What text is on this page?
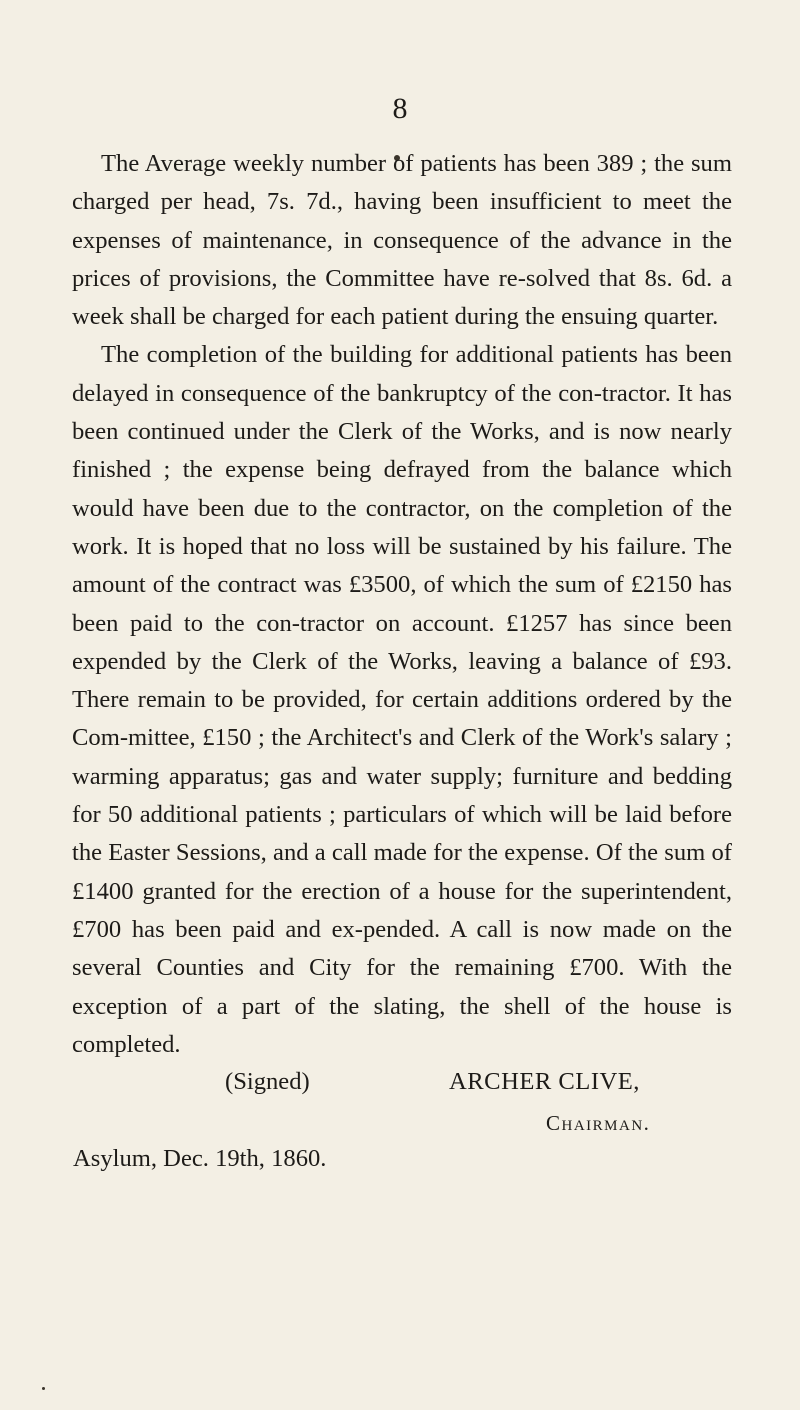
8

The Average weekly number of patients has been 389 ; the sum charged per head, 7s. 7d., having been insufficient to meet the expenses of maintenance, in consequence of the advance in the prices of provisions, the Committee have re-solved that 8s. 6d. a week shall be charged for each patient during the ensuing quarter.

The completion of the building for additional patients has been delayed in consequence of the bankruptcy of the con-tractor. It has been continued under the Clerk of the Works, and is now nearly finished ; the expense being defrayed from the balance which would have been due to the contractor, on the completion of the work. It is hoped that no loss will be sustained by his failure. The amount of the contract was £3500, of which the sum of £2150 has been paid to the con-tractor on account. £1257 has since been expended by the Clerk of the Works, leaving a balance of £93. There remain to be provided, for certain additions ordered by the Com-mittee, £150 ; the Architect's and Clerk of the Work's salary ; warming apparatus; gas and water supply; furniture and bedding for 50 additional patients ; particulars of which will be laid before the Easter Sessions, and a call made for the expense. Of the sum of £1400 granted for the erection of a house for the superintendent, £700 has been paid and ex-pended. A call is now made on the several Counties and City for the remaining £700. With the exception of a part of the slating, the shell of the house is completed.

(Signed)	ARCHER CLIVE,
Chairman.
Asylum, Dec. 19th, 1860.
